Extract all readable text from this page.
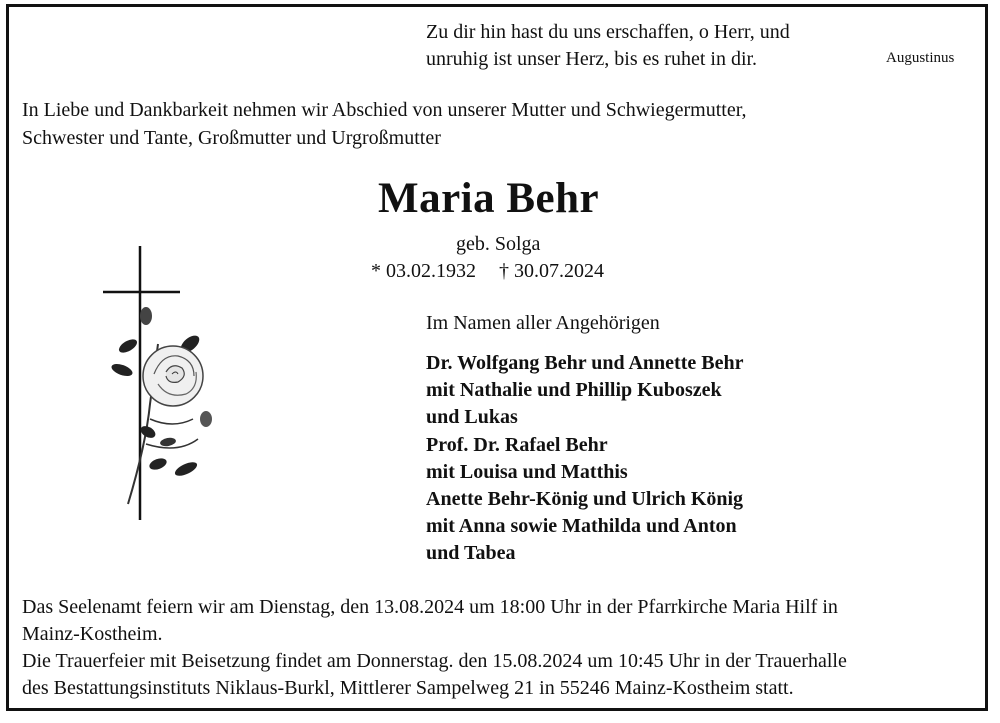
Zu dir hin hast du uns erschaffen, o Herr, und
unruhig ist unser Herz, bis es ruhet in dir.	Augustinus
In Liebe und Dankbarkeit nehmen wir Abschied von unserer Mutter und Schwiegermutter,
Schwester und Tante, Großmutter und Urgroßmutter
Maria Behr
geb. Solga
* 03.02.1932 † 30.07.2024
Im Namen aller Angehörigen
Dr. Wolfgang Behr und Annette Behr
mit Nathalie und Phillip Kuboszek
und Lukas
Prof. Dr. Rafael Behr
mit Louisa und Matthis
Anette Behr-König und Ulrich König
mit Anna sowie Mathilda und Anton
und Tabea
Das Seelenamt feiern wir am Dienstag, den 13.08.2024 um 18:00 Uhr in der Pfarrkirche Maria Hilf in
Mainz-Kostheim.
Die Trauerfeier mit Beisetzung findet am Donnerstag. den 15.08.2024 um 10:45 Uhr in der Trauerhalle
des Bestattungsinstituts Niklaus-Burkl, Mittlerer Sampelweg 21 in 55246 Mainz-Kostheim statt.
